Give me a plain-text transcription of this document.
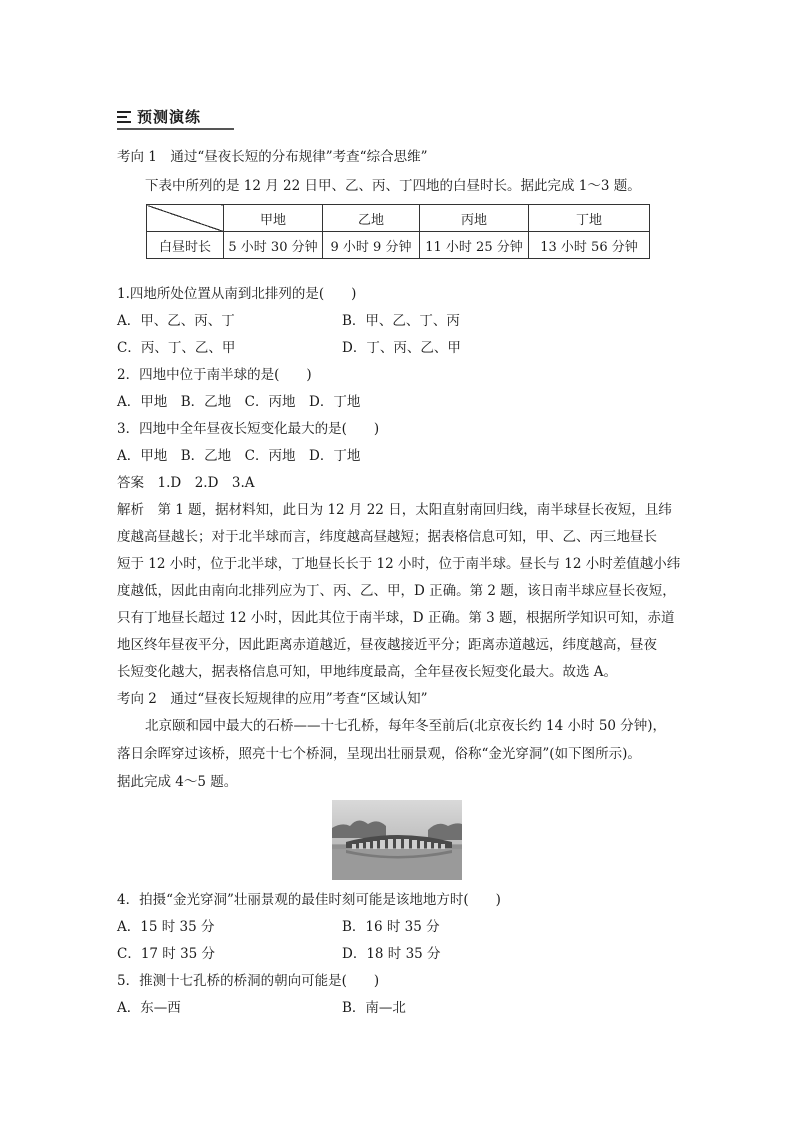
预测演练
考向 1　通过“昼夜长短的分布规律”考查“综合思维”
下表中所列的是 12 月 22 日甲、乙、丙、丁四地的白昼时长。据此完成 1～3 题。
	甲地	乙地	丙地	丁地
白昼时长	5 小时 30 分钟	9 小时 9 分钟	11 小时 25 分钟	13 小时 56 分钟
1.四地所处位置从南到北排列的是(　　)
A．甲、乙、丙、丁	B．甲、乙、丁、丙
C．丙、丁、乙、甲	D．丁、丙、乙、甲
2．四地中位于南半球的是(　　)
A．甲地　B．乙地　C．丙地　D．丁地
3．四地中全年昼夜长短变化最大的是(　　)
A．甲地　B．乙地　C．丙地　D．丁地
答案　1.D　2.D　3.A
解析　第 1 题，据材料知，此日为 12 月 22 日，太阳直射南回归线，南半球昼长夜短，且纬
度越高昼越长；对于北半球而言，纬度越高昼越短；据表格信息可知，甲、乙、丙三地昼长
短于 12 小时，位于北半球，丁地昼长长于 12 小时，位于南半球。昼长与 12 小时差值越小纬
度越低，因此由南向北排列应为丁、丙、乙、甲，D 正确。第 2 题，该日南半球应昼长夜短，
只有丁地昼长超过 12 小时，因此其位于南半球，D 正确。第 3 题，根据所学知识可知，赤道
地区终年昼夜平分，因此距离赤道越近，昼夜越接近平分；距离赤道越远，纬度越高，昼夜
长短变化越大，据表格信息可知，甲地纬度最高，全年昼夜长短变化最大。故选 A。
考向 2　通过“昼夜长短规律的应用”考查“区域认知”
北京颐和园中最大的石桥——十七孔桥，每年冬至前后(北京夜长约 14 小时 50 分钟)，
落日余晖穿过该桥，照亮十七个桥洞，呈现出壮丽景观，俗称“金光穿洞”(如下图所示)。
据此完成 4～5 题。
4．拍摄“金光穿洞”壮丽景观的最佳时刻可能是该地地方时(　　)
A．15 时 35 分	B．16 时 35 分
C．17 时 35 分	D．18 时 35 分
5．推测十七孔桥的桥洞的朝向可能是(　　)
A．东—西	B．南—北
